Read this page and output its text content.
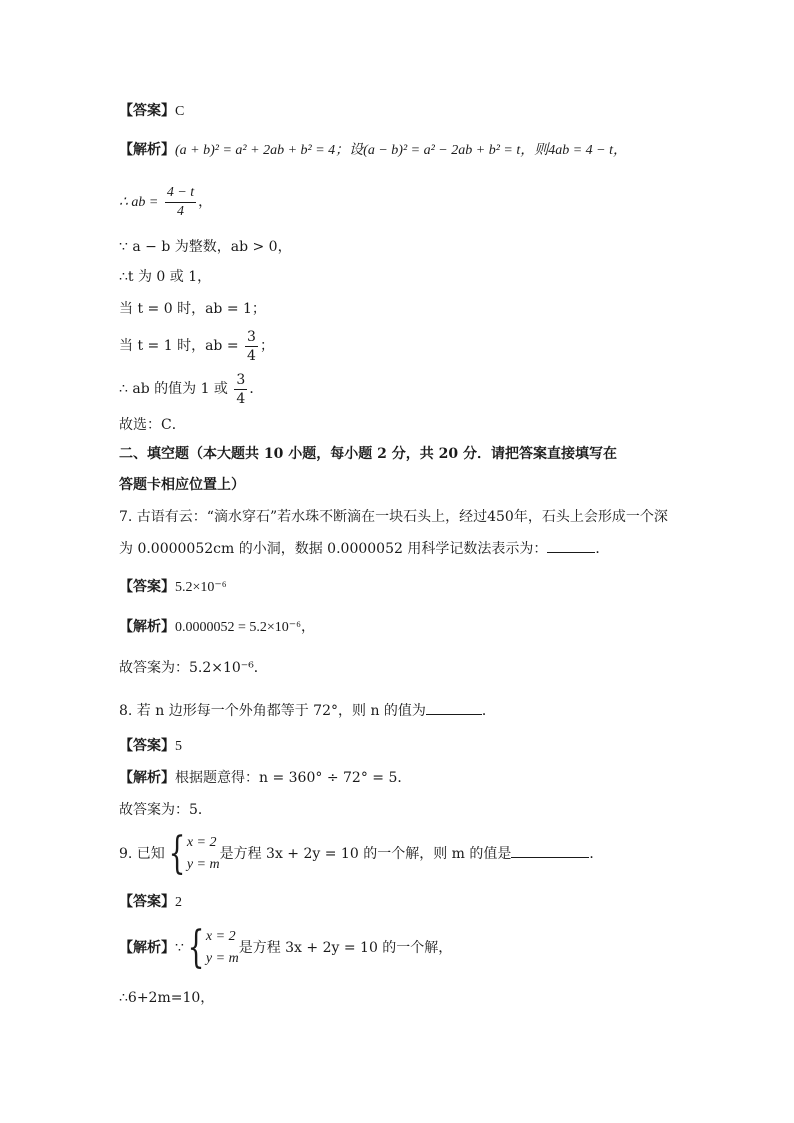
【答案】C
【解析】(a + b)² = a² + 2ab + b² = 4；设(a − b)² = a² − 2ab + b² = t，则4ab = 4 − t，
∴ ab = $\frac{4 - t}{4}$ ，
∵ a − b 为整数，ab > 0，
∴t 为 0 或 1，
当 t = 0 时，ab = 1；
当 t = 1 时，ab = $\frac{3}{4}$ ；
∴ ab 的值为 1 或 $\frac{3}{4}$ ．
故选：C．
二、填空题（本大题共 10 小题，每小题 2 分，共 20 分．请把答案直接填写在
答题卡相应位置上）
7. 古语有云：“滴水穿石”若水珠不断滴在一块石头上，经过450年，石头上会形成一个深
为 0.0000052cm 的小洞，数据 0.0000052 用科学记数法表示为：	．
【答案】5.2×10⁻⁶
【解析】0.0000052 = 5.2×10⁻⁶，
故答案为：5.2×10⁻⁶．
8. 若 n 边形每一个外角都等于 72°，则 n 的值为	．
【答案】5
【解析】根据题意得：n = 360° ÷ 72° = 5．
故答案为：5．
9. 已知{ x = 2
y = m
是方程 3x + 2y = 10 的一个解，则 m 的值是	．
【答案】2
【解析】∵{ x = 2
y = m
是方程 3x + 2y = 10 的一个解，
∴6+2m=10，
